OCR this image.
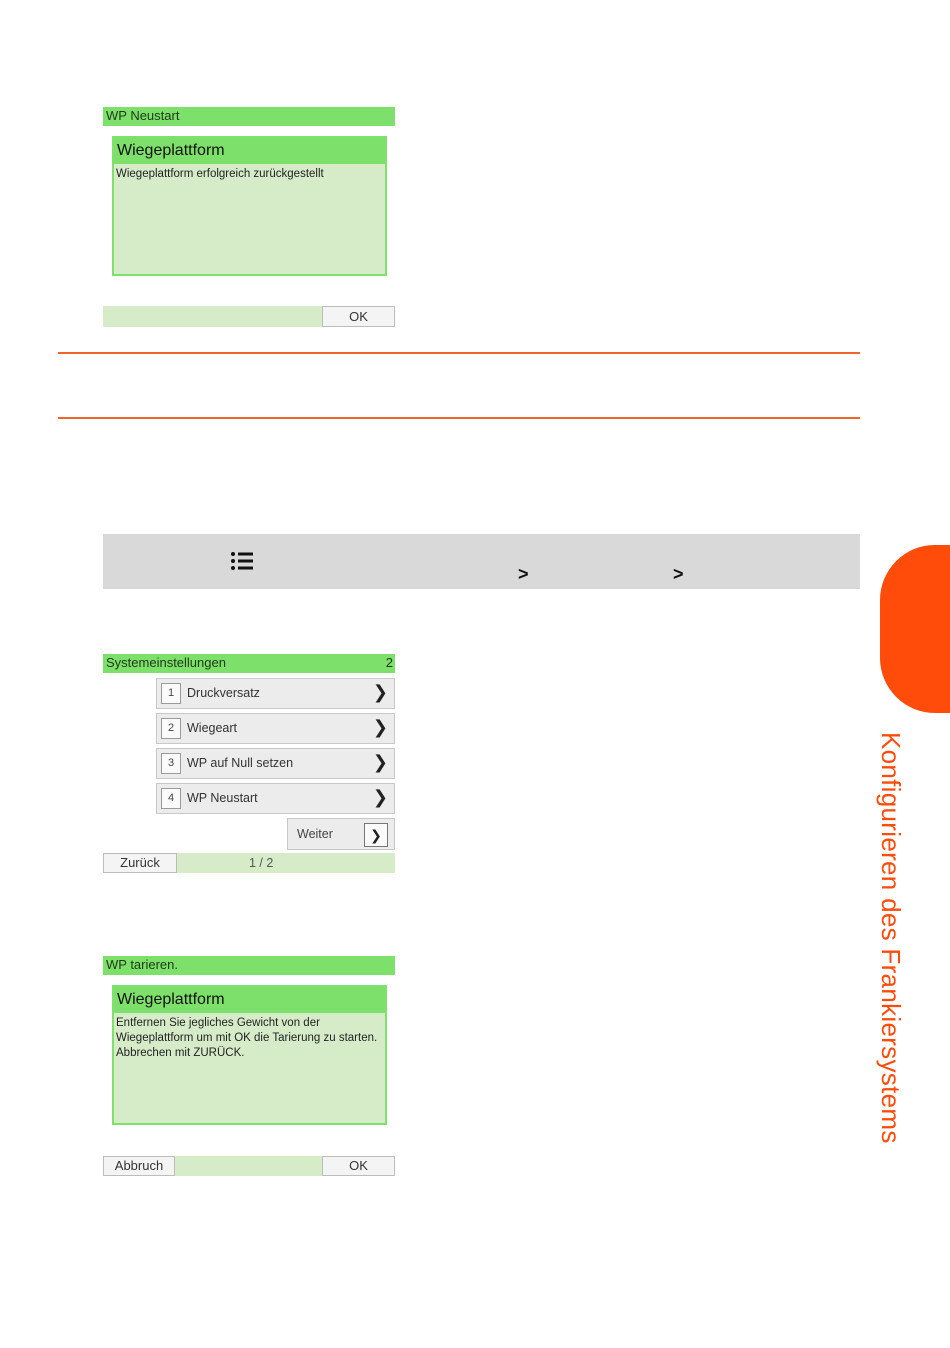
WP Neustart
Wiegeplattform
Wiegeplattform erfolgreich zurückgestellt
OK
>	>
Systemeinstellungen	2
1	Druckversatz	❯
2	Wiegeart	❯
3	WP auf Null setzen	❯
4	WP Neustart	❯
Weiter	❯
Zurück	1 / 2
WP tarieren.
Wiegeplattform
Entfernen Sie jegliches Gewicht von der Wiegeplattform um mit OK die Tarierung zu starten. Abbrechen mit ZURÜCK.
Abbruch	OK
Konfigurieren des Frankiersystems
